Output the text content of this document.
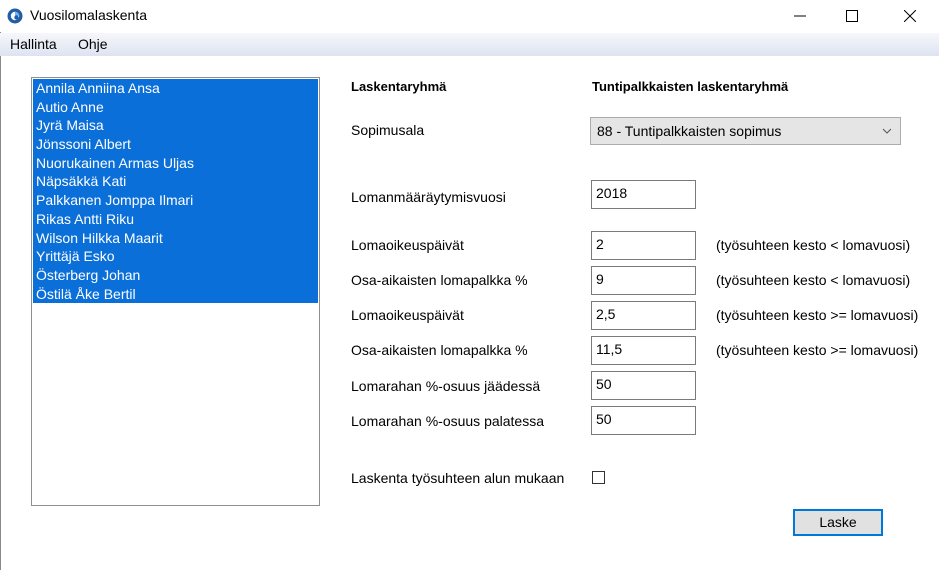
Vuosilomalaskenta
Hallinta Ohje
Annila Anniina Ansa
Autio Anne
Jyrä Maisa
Jönssoni Albert
Nuorukainen Armas Uljas
Näpsäkkä Kati
Palkkanen Jomppa Ilmari
Rikas Antti Riku
Wilson Hilkka Maarit
Yrittäjä Esko
Österberg Johan
Östilä Åke Bertil
Laskentaryhmä	Tuntipalkkaisten laskentaryhmä
Sopimusala	88 - Tuntipalkkaisten sopimus
Lomanmääräytymisvuosi	2018
Lomaoikeuspäivät	2	(työsuhteen kesto < lomavuosi)
Osa-aikaisten lomapalkka %	9	(työsuhteen kesto < lomavuosi)
Lomaoikeuspäivät	2,5	(työsuhteen kesto >= lomavuosi)
Osa-aikaisten lomapalkka %	11,5	(työsuhteen kesto >= lomavuosi)
Lomarahan %-osuus jäädessä	50
Lomarahan %-osuus palatessa	50
Laskenta työsuhteen alun mukaan
Laske
